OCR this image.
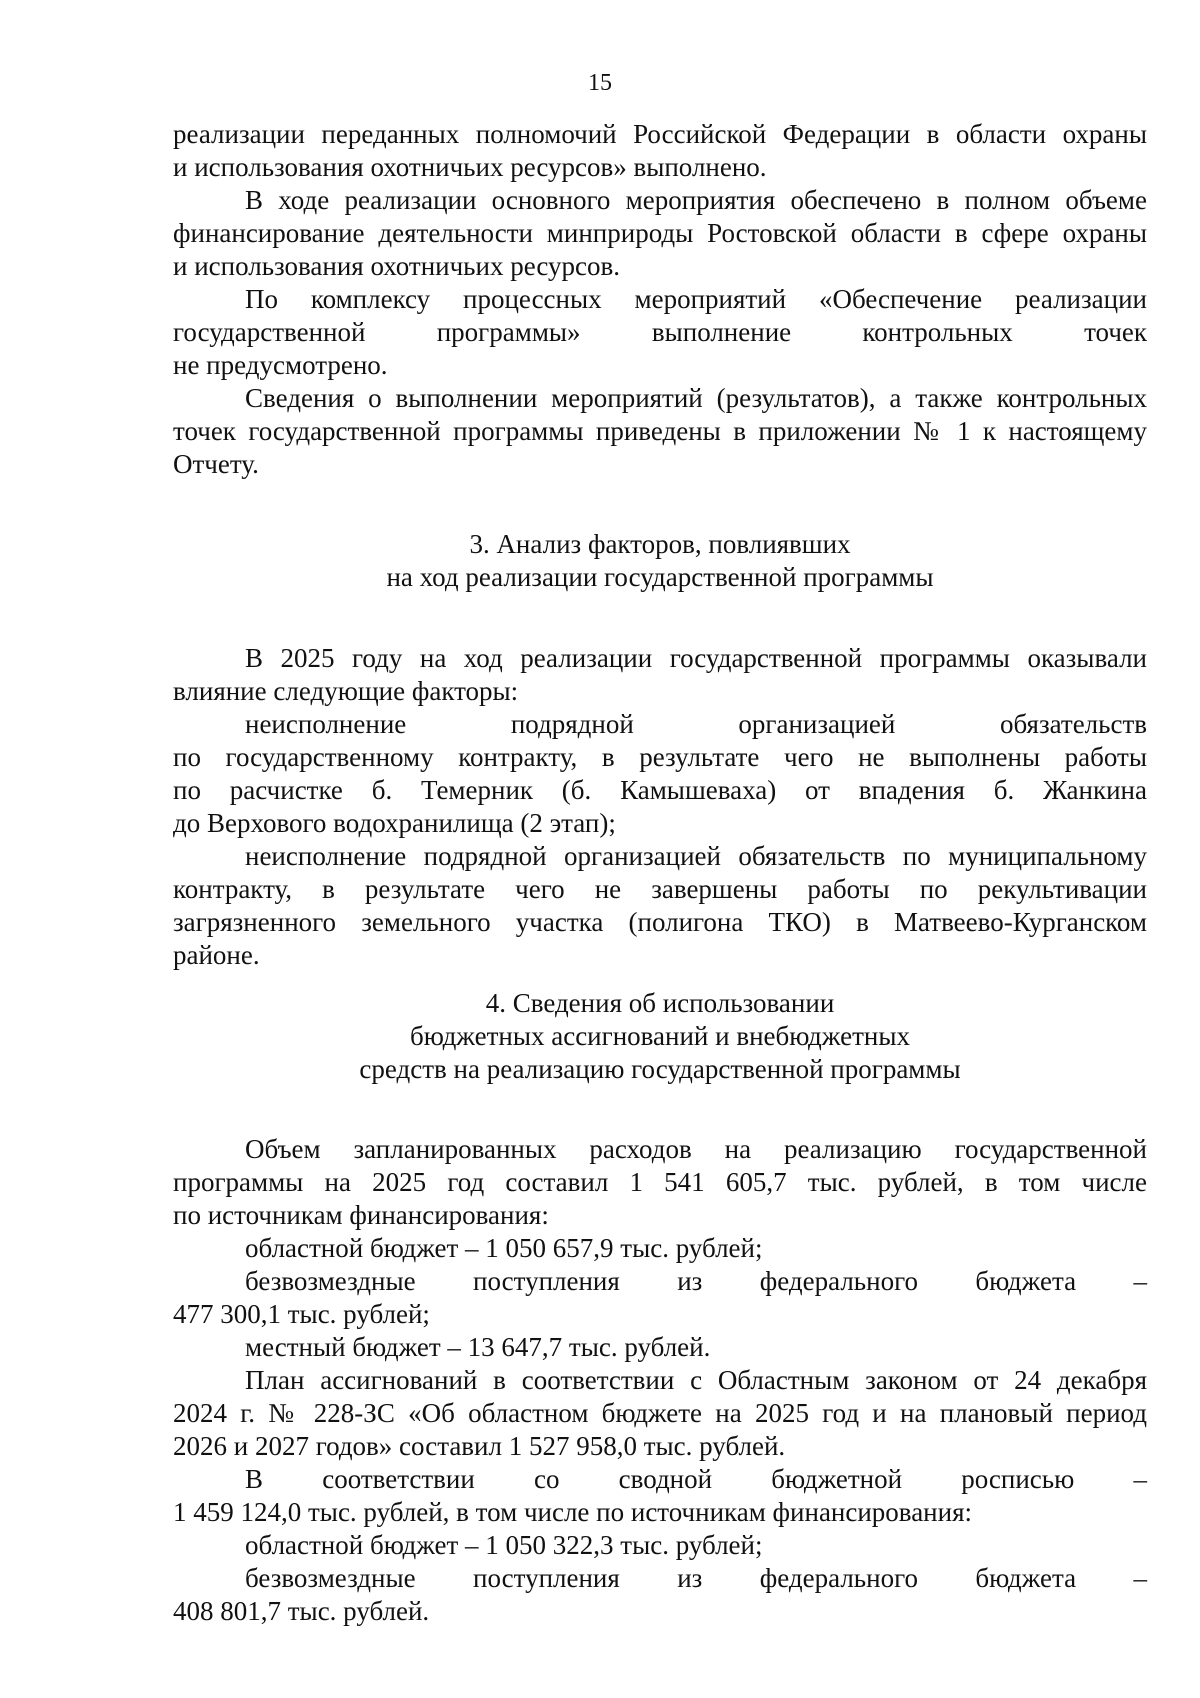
15

реализации переданных полномочий Российской Федерации в области охраны
и использования охотничьих ресурсов» выполнено.

В ходе реализации основного мероприятия обеспечено в полном объеме
финансирование деятельности минприроды Ростовской области в сфере охраны
и использования охотничьих ресурсов.

По комплексу процессных мероприятий «Обеспечение реализации
государственной программы» выполнение контрольных точек
не предусмотрено.

Сведения о выполнении мероприятий (результатов), а также контрольных
точек государственной программы приведены в приложении № 1 к настоящему
Отчету.

3. Анализ факторов, повлиявших
на ход реализации государственной программы

В 2025 году на ход реализации государственной программы оказывали
влияние следующие факторы:

неисполнение подрядной организацией обязательств
по государственному контракту, в результате чего не выполнены работы
по расчистке б. Темерник (б. Камышеваха) от впадения б. Жанкина
до Верхового водохранилища (2 этап);

неисполнение подрядной организацией обязательств по муниципальному
контракту, в результате чего не завершены работы по рекультивации
загрязненного земельного участка (полигона ТКО) в Матвеево-Курганском
районе.

4. Сведения об использовании
бюджетных ассигнований и внебюджетных
средств на реализацию государственной программы

Объем запланированных расходов на реализацию государственной
программы на 2025 год составил 1 541 605,7 тыс. рублей, в том числе
по источникам финансирования:

областной бюджет – 1 050 657,9 тыс. рублей;

безвозмездные поступления из федерального бюджета –
477 300,1 тыс. рублей;

местный бюджет – 13 647,7 тыс. рублей.

План ассигнований в соответствии с Областным законом от 24 декабря
2024 г. № 228-ЗС «Об областном бюджете на 2025 год и на плановый период
2026 и 2027 годов» составил 1 527 958,0 тыс. рублей.

В соответствии со сводной бюджетной росписью –
1 459 124,0 тыс. рублей, в том числе по источникам финансирования:

областной бюджет – 1 050 322,3 тыс. рублей;

безвозмездные поступления из федерального бюджета –
408 801,7 тыс. рублей.
